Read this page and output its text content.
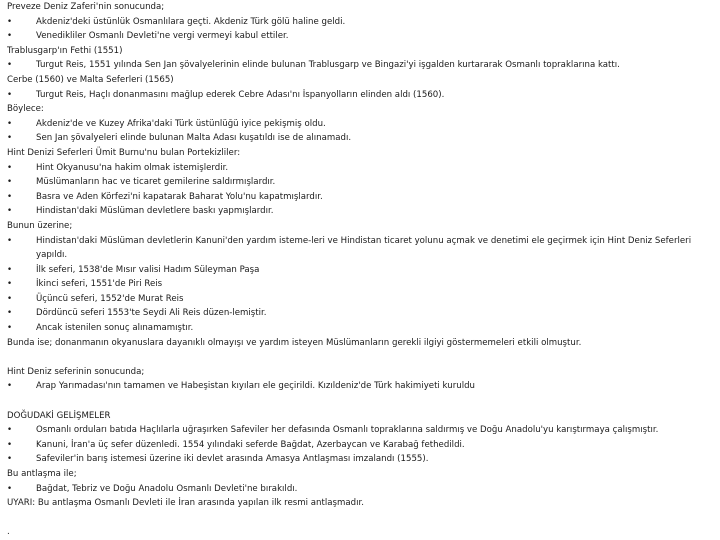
Preveze Deniz Zaferi'nin sonucunda;
•	Akdeniz'deki üstünlük Osmanlılara geçti. Akdeniz Türk gölü haline geldi.
•	Venedikliler Osmanlı Devleti'ne vergi vermeyi kabul ettiler.
Trablusgarp'ın Fethi (1551)
•	Turgut Reis, 1551 yılında Sen Jan şövalyelerinin elinde bulunan Trablusgarp ve Bingazi'yi işgalden kurtararak Osmanlı topraklarına kattı.
Cerbe (1560) ve Malta Seferleri (1565)
•	Turgut Reis, Haçlı donanmasını mağlup ederek Cebre Adası'nı İspanyolların elinden aldı (1560).
Böylece:
•	Akdeniz'de ve Kuzey Afrika'daki Türk üstünlüğü iyice pekişmiş oldu.
•	Sen Jan şövalyeleri elinde bulunan Malta Adası kuşatıldı ise de alınamadı.
Hint Denizi Seferleri Ümit Burnu'nu bulan Portekizliler:
•	Hint Okyanusu'na hakim olmak istemişlerdir.
•	Müslümanların hac ve ticaret gemilerine saldırmışlardır.
•	Basra ve Aden Körfezi'ni kapatarak Baharat Yolu'nu kapatmışlardır.
•	Hindistan'daki Müslüman devletlere baskı yapmışlardır.
Bunun üzerine;
•	Hindistan'daki Müslüman devletlerin Kanuni'den yardım isteme-leri ve Hindistan ticaret yolunu açmak ve denetimi ele geçirmek için Hint Deniz Seferleri yapıldı.
•	İlk seferi, 1538'de Mısır valisi Hadım Süleyman Paşa
•	İkinci seferi, 1551'de Piri Reis
•	Üçüncü seferi, 1552'de Murat Reis
•	Dördüncü seferi 1553'te Seydi Ali Reis düzen-lemiştir.
•	Ancak istenilen sonuç alınamamıştır.
Bunda ise; donanmanın okyanuslara dayanıklı olmayışı ve yardım isteyen Müslümanların gerekli ilgiyi göstermemeleri etkili olmuştur.
Hint Deniz seferinin sonucunda;
•	Arap Yarımadası'nın tamamen ve Habeşistan kıyıları ele geçirildi. Kızıldeniz'de Türk hakimiyeti kuruldu
DOĞUDAKİ GELİŞMELER
•	Osmanlı orduları batıda Haçlılarla uğraşırken Safeviler her defasında Osmanlı topraklarına saldırmış ve Doğu Anadolu'yu karıştırmaya çalışmıştır.
•	Kanuni, İran'a üç sefer düzenledi. 1554 yılındaki seferde Bağdat, Azerbaycan ve Karabağ fethedildi.
•	Safeviler'in barış istemesi üzerine iki devlet arasında Amasya Antlaşması imzalandı (1555).
Bu antlaşma ile;
•	Bağdat, Tebriz ve Doğu Anadolu Osmanlı Devleti'ne bırakıldı.
UYARI: Bu antlaşma Osmanlı Devleti ile İran arasında yapılan ilk resmi antlaşmadır.
.
